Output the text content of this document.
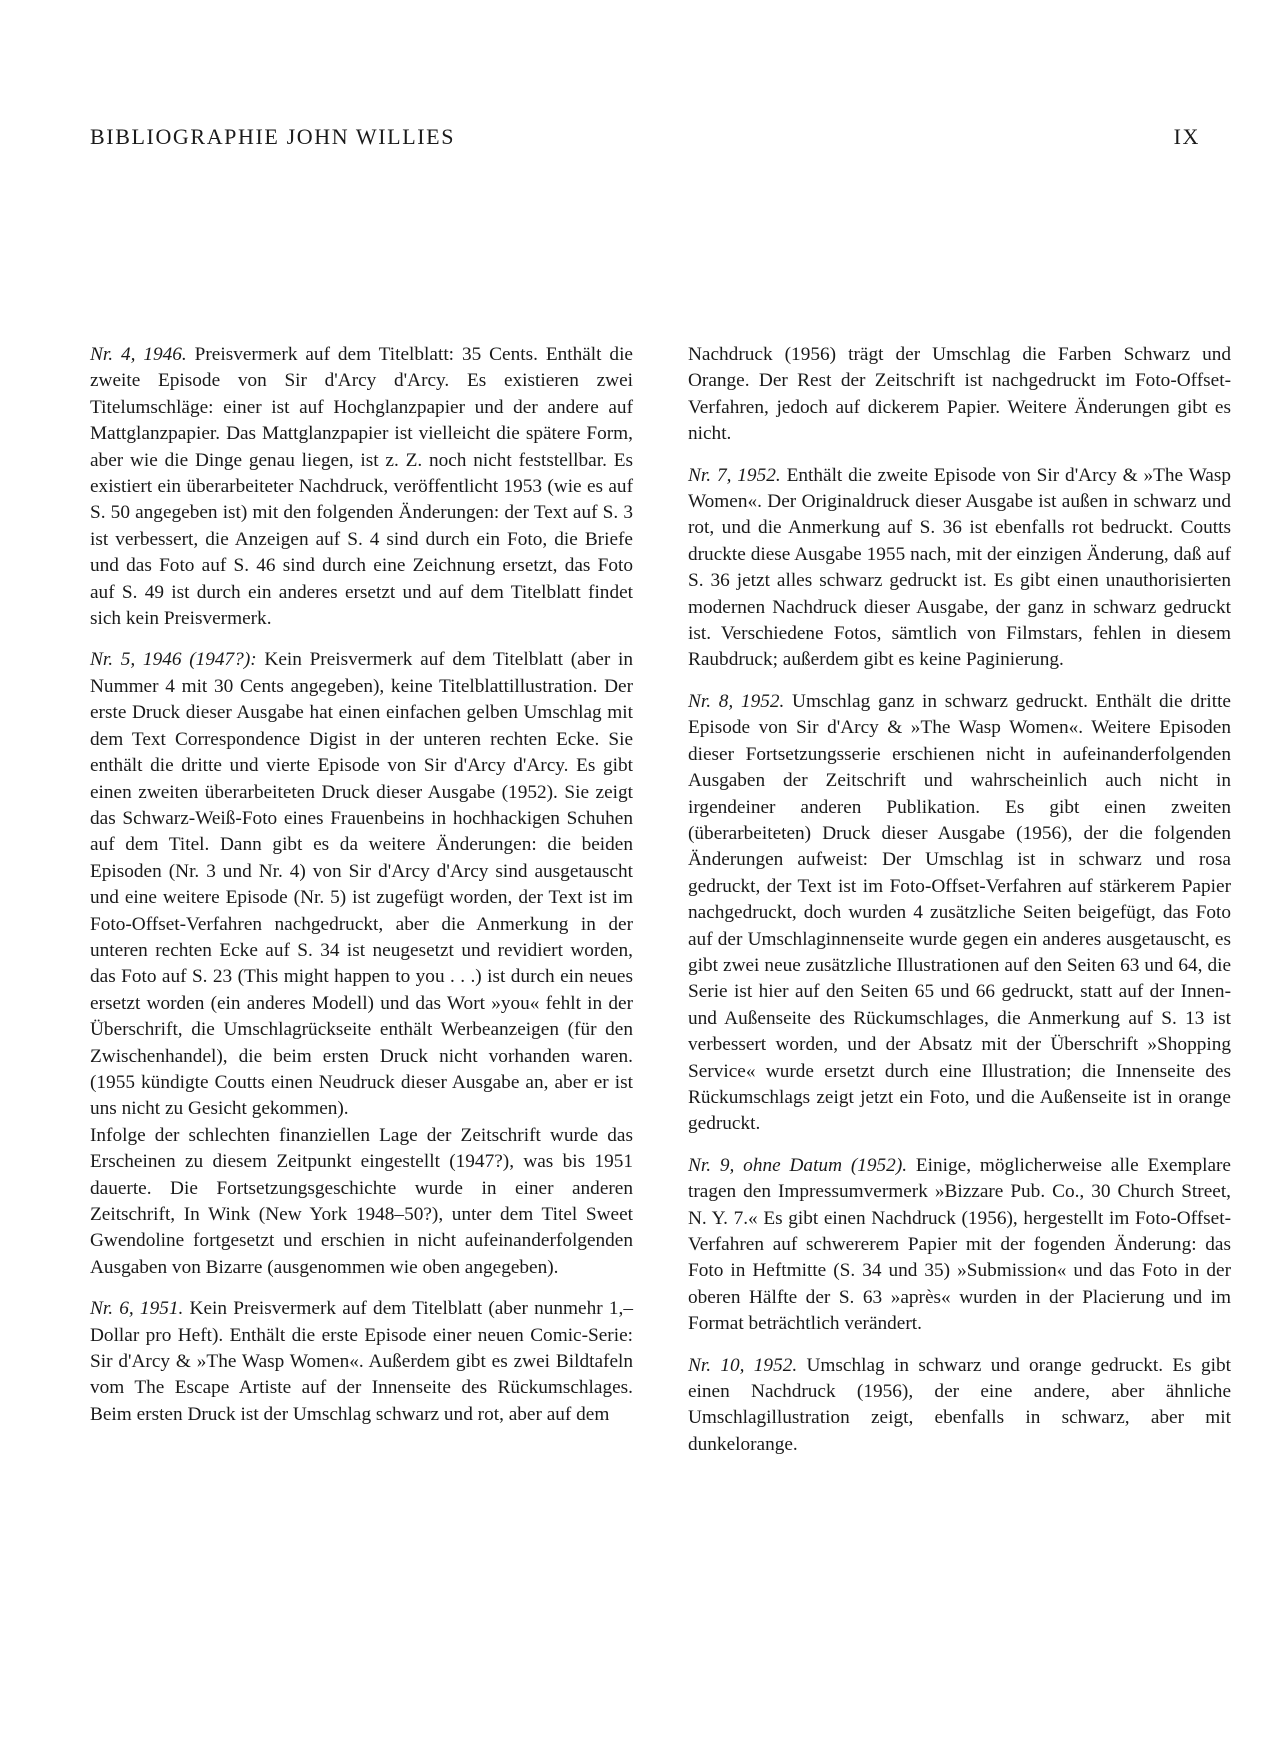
BIBLIOGRAPHIE JOHN WILLIES	IX

Nr. 4, 1946. Preisvermerk auf dem Titelblatt: 35 Cents. Enthält die zweite Episode von Sir d'Arcy d'Arcy. Es existieren zwei Titelumschläge: einer ist auf Hochglanzpapier und der andere auf Mattglanzpapier. Das Mattglanzpapier ist vielleicht die spätere Form, aber wie die Dinge genau liegen, ist z. Z. noch nicht feststellbar. Es existiert ein überarbeiteter Nachdruck, veröffentlicht 1953 (wie es auf S. 50 angegeben ist) mit den folgenden Änderungen: der Text auf S. 3 ist verbessert, die Anzeigen auf S. 4 sind durch ein Foto, die Briefe und das Foto auf S. 46 sind durch eine Zeichnung ersetzt, das Foto auf S. 49 ist durch ein anderes ersetzt und auf dem Titelblatt findet sich kein Preisvermerk.

Nr. 5, 1946 (1947?): Kein Preisvermerk auf dem Titelblatt (aber in Nummer 4 mit 30 Cents angegeben), keine Titelblattillustration. Der erste Druck dieser Ausgabe hat einen einfachen gelben Umschlag mit dem Text Correspondence Digist in der unteren rechten Ecke. Sie enthält die dritte und vierte Episode von Sir d'Arcy d'Arcy. Es gibt einen zweiten überarbeiteten Druck dieser Ausgabe (1952). Sie zeigt das Schwarz-Weiß-Foto eines Frauenbeins in hochhackigen Schuhen auf dem Titel. Dann gibt es da weitere Änderungen: die beiden Episoden (Nr. 3 und Nr. 4) von Sir d'Arcy d'Arcy sind ausgetauscht und eine weitere Episode (Nr. 5) ist zugefügt worden, der Text ist im Foto-Offset-Verfahren nachgedruckt, aber die Anmerkung in der unteren rechten Ecke auf S. 34 ist neugesetzt und revidiert worden, das Foto auf S. 23 (This might happen to you . . .) ist durch ein neues ersetzt worden (ein anderes Modell) und das Wort »you« fehlt in der Überschrift, die Umschlagrückseite enthält Werbeanzeigen (für den Zwischenhandel), die beim ersten Druck nicht vorhanden waren. (1955 kündigte Coutts einen Neudruck dieser Ausgabe an, aber er ist uns nicht zu Gesicht gekommen).

Infolge der schlechten finanziellen Lage der Zeitschrift wurde das Erscheinen zu diesem Zeitpunkt eingestellt (1947?), was bis 1951 dauerte. Die Fortsetzungsgeschichte wurde in einer anderen Zeitschrift, In Wink (New York 1948–50?), unter dem Titel Sweet Gwendoline fortgesetzt und erschien in nicht aufeinanderfolgenden Ausgaben von Bizarre (ausgenommen wie oben angegeben).

Nr. 6, 1951. Kein Preisvermerk auf dem Titelblatt (aber nunmehr 1,– Dollar pro Heft). Enthält die erste Episode einer neuen Comic-Serie: Sir d'Arcy & »The Wasp Women«. Außerdem gibt es zwei Bildtafeln vom The Escape Artiste auf der Innenseite des Rückumschlages. Beim ersten Druck ist der Umschlag schwarz und rot, aber auf dem

Nachdruck (1956) trägt der Umschlag die Farben Schwarz und Orange. Der Rest der Zeitschrift ist nachgedruckt im Foto-Offset-Verfahren, jedoch auf dickerem Papier. Weitere Änderungen gibt es nicht.

Nr. 7, 1952. Enthält die zweite Episode von Sir d'Arcy & »The Wasp Women«. Der Originaldruck dieser Ausgabe ist außen in schwarz und rot, und die Anmerkung auf S. 36 ist ebenfalls rot bedruckt. Coutts druckte diese Ausgabe 1955 nach, mit der einzigen Änderung, daß auf S. 36 jetzt alles schwarz gedruckt ist. Es gibt einen unauthorisierten modernen Nachdruck dieser Ausgabe, der ganz in schwarz gedruckt ist. Verschiedene Fotos, sämtlich von Filmstars, fehlen in diesem Raubdruck; außerdem gibt es keine Paginierung.

Nr. 8, 1952. Umschlag ganz in schwarz gedruckt. Enthält die dritte Episode von Sir d'Arcy & »The Wasp Women«. Weitere Episoden dieser Fortsetzungsserie erschienen nicht in aufeinanderfolgenden Ausgaben der Zeitschrift und wahrscheinlich auch nicht in irgendeiner anderen Publikation. Es gibt einen zweiten (überarbeiteten) Druck dieser Ausgabe (1956), der die folgenden Änderungen aufweist: Der Umschlag ist in schwarz und rosa gedruckt, der Text ist im Foto-Offset-Verfahren auf stärkerem Papier nachgedruckt, doch wurden 4 zusätzliche Seiten beigefügt, das Foto auf der Umschlaginnenseite wurde gegen ein anderes ausgetauscht, es gibt zwei neue zusätzliche Illustrationen auf den Seiten 63 und 64, die Serie ist hier auf den Seiten 65 und 66 gedruckt, statt auf der Innen- und Außenseite des Rückumschlages, die Anmerkung auf S. 13 ist verbessert worden, und der Absatz mit der Überschrift »Shopping Service« wurde ersetzt durch eine Illustration; die Innenseite des Rückumschlags zeigt jetzt ein Foto, und die Außenseite ist in orange gedruckt.

Nr. 9, ohne Datum (1952). Einige, möglicherweise alle Exemplare tragen den Impressumvermerk »Bizzare Pub. Co., 30 Church Street, N. Y. 7.« Es gibt einen Nachdruck (1956), hergestellt im Foto-Offset-Verfahren auf schwererem Papier mit der fogenden Änderung: das Foto in Heftmitte (S. 34 und 35) »Submission« und das Foto in der oberen Hälfte der S. 63 »après« wurden in der Placierung und im Format beträchtlich verändert.

Nr. 10, 1952. Umschlag in schwarz und orange gedruckt. Es gibt einen Nachdruck (1956), der eine andere, aber ähnliche Umschlagillustration zeigt, ebenfalls in schwarz, aber mit dunkelorange.
